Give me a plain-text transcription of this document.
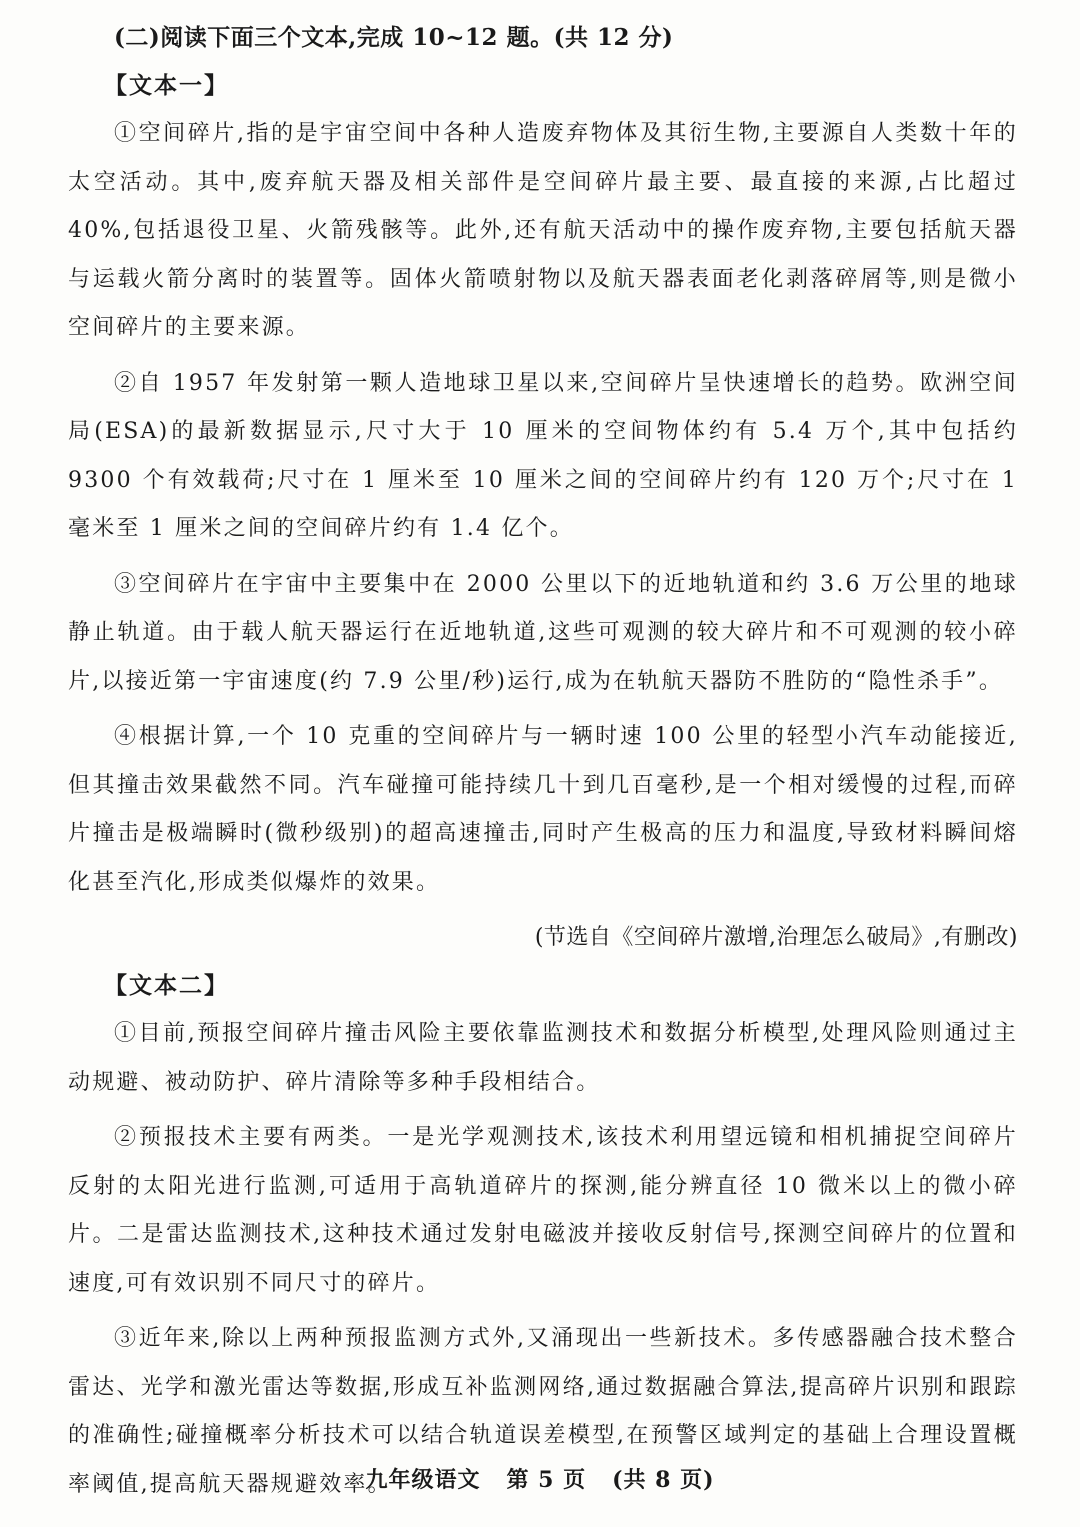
(二)阅读下面三个文本,完成 10~12 题。(共 12 分)

【文本一】

①空间碎片,指的是宇宙空间中各种人造废弃物体及其衍生物,主要源自人类数十年的太空活动。其中,废弃航天器及相关部件是空间碎片最主要、最直接的来源,占比超过 40%,包括退役卫星、火箭残骸等。此外,还有航天活动中的操作废弃物,主要包括航天器与运载火箭分离时的装置等。固体火箭喷射物以及航天器表面老化剥落碎屑等,则是微小空间碎片的主要来源。

②自 1957 年发射第一颗人造地球卫星以来,空间碎片呈快速增长的趋势。欧洲空间局(ESA)的最新数据显示,尺寸大于 10 厘米的空间物体约有 5.4 万个,其中包括约 9300 个有效载荷;尺寸在 1 厘米至 10 厘米之间的空间碎片约有 120 万个;尺寸在 1 毫米至 1 厘米之间的空间碎片约有 1.4 亿个。

③空间碎片在宇宙中主要集中在 2000 公里以下的近地轨道和约 3.6 万公里的地球静止轨道。由于载人航天器运行在近地轨道,这些可观测的较大碎片和不可观测的较小碎片,以接近第一宇宙速度(约 7.9 公里/秒)运行,成为在轨航天器防不胜防的“隐性杀手”。

④根据计算,一个 10 克重的空间碎片与一辆时速 100 公里的轻型小汽车动能接近,但其撞击效果截然不同。汽车碰撞可能持续几十到几百毫秒,是一个相对缓慢的过程,而碎片撞击是极端瞬时(微秒级别)的超高速撞击,同时产生极高的压力和温度,导致材料瞬间熔化甚至汽化,形成类似爆炸的效果。

(节选自《空间碎片激增,治理怎么破局》,有删改)

【文本二】

①目前,预报空间碎片撞击风险主要依靠监测技术和数据分析模型,处理风险则通过主动规避、被动防护、碎片清除等多种手段相结合。

②预报技术主要有两类。一是光学观测技术,该技术利用望远镜和相机捕捉空间碎片反射的太阳光进行监测,可适用于高轨道碎片的探测,能分辨直径 10 微米以上的微小碎片。二是雷达监测技术,这种技术通过发射电磁波并接收反射信号,探测空间碎片的位置和速度,可有效识别不同尺寸的碎片。

③近年来,除以上两种预报监测方式外,又涌现出一些新技术。多传感器融合技术整合雷达、光学和激光雷达等数据,形成互补监测网络,通过数据融合算法,提高碎片识别和跟踪的准确性;碰撞概率分析技术可以结合轨道误差模型,在预警区域判定的基础上合理设置概率阈值,提高航天器规避效率。

九年级语文 第 5 页 (共 8 页)
